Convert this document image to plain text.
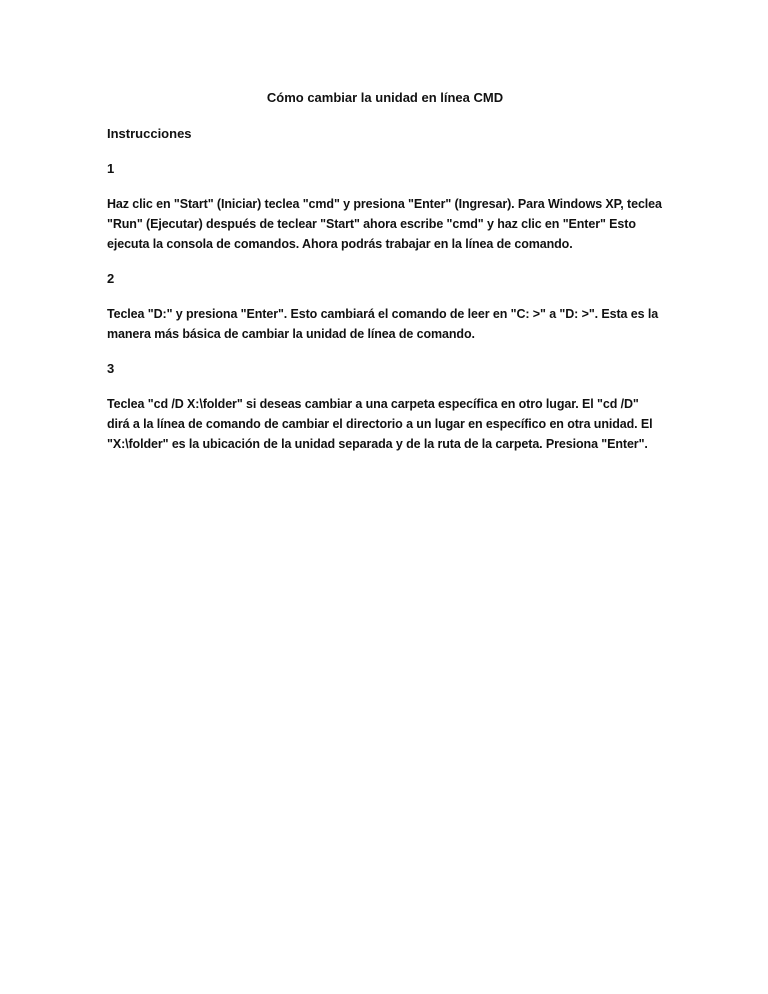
Cómo cambiar la unidad en línea CMD
Instrucciones
1
Haz clic en "Start" (Iniciar) teclea "cmd" y presiona "Enter" (Ingresar). Para Windows XP, teclea "Run" (Ejecutar) después de teclear "Start" ahora escribe "cmd" y haz clic en "Enter" Esto ejecuta la consola de comandos. Ahora podrás trabajar en la línea de comando.
2
Teclea "D:" y presiona "Enter". Esto cambiará el comando de leer en "C: >" a "D: >". Esta es la manera más básica de cambiar la unidad de línea de comando.
3
Teclea "cd /D X:\folder" si deseas cambiar a una carpeta específica en otro lugar. El "cd /D" dirá a la línea de comando de cambiar el directorio a un lugar en específico en otra unidad. El "X:\folder" es la ubicación de la unidad separada y de la ruta de la carpeta. Presiona "Enter".
